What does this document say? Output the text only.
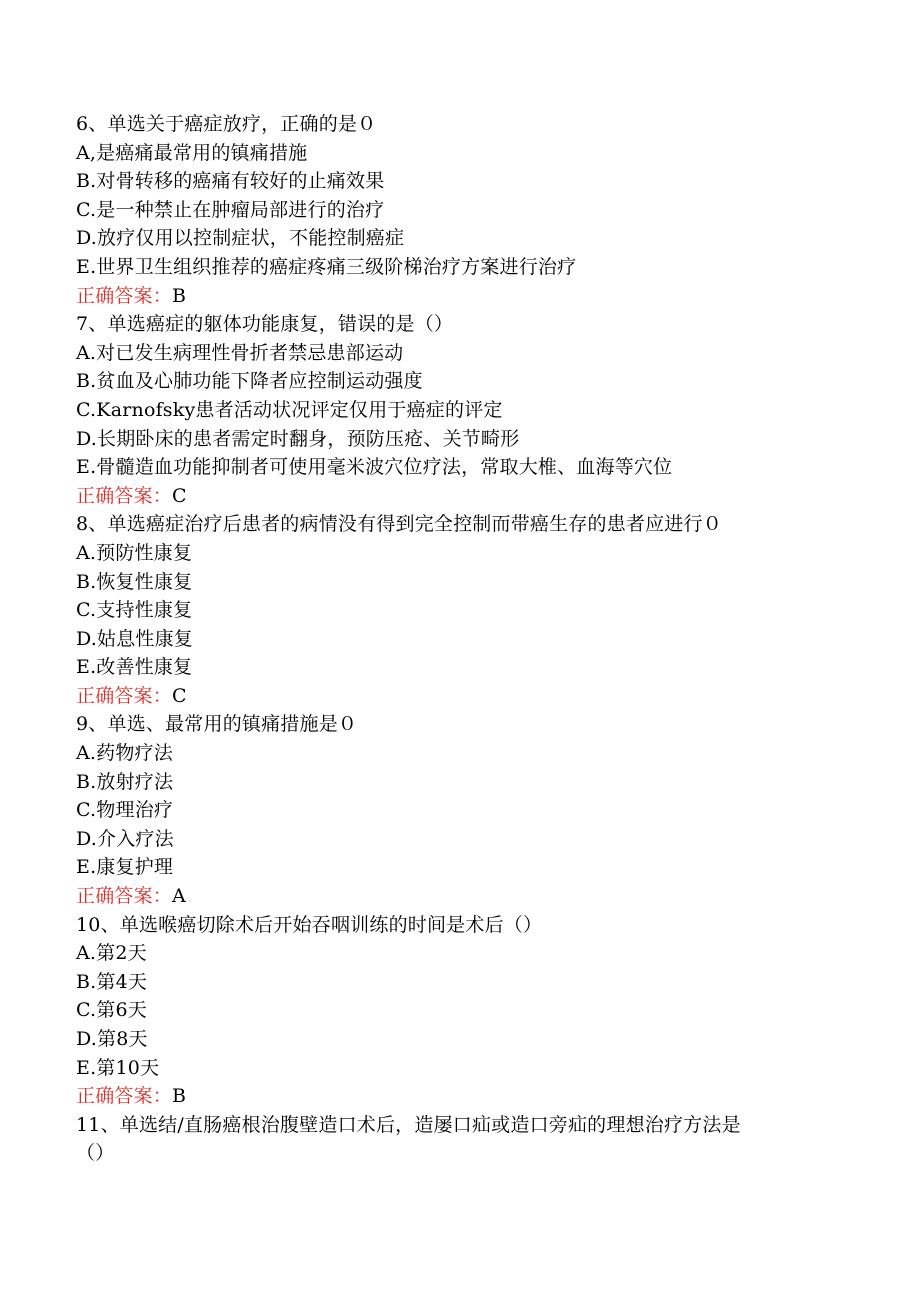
6、单选关于癌症放疗，正确的是０
A,是癌痛最常用的镇痛措施
B.对骨转移的癌痛有较好的止痛效果
C.是一种禁止在肿瘤局部进行的治疗
D.放疗仅用以控制症状，不能控制癌症
E.世界卫生组织推荐的癌症疼痛三级阶梯治疗方案进行治疗
正确答案：B
7、单选癌症的躯体功能康复，错误的是（）
A.对已发生病理性骨折者禁忌患部运动
B.贫血及心肺功能下降者应控制运动强度
C.Karnofsky患者活动状况评定仅用于癌症的评定
D.长期卧床的患者需定时翻身，预防压疮、关节畸形
E.骨髓造血功能抑制者可使用毫米波穴位疗法，常取大椎、血海等穴位
正确答案：C
8、单选癌症治疗后患者的病情没有得到完全控制而带癌生存的患者应进行０
A.预防性康复
B.恢复性康复
C.支持性康复
D.姑息性康复
E.改善性康复
正确答案：C
9、单选、最常用的镇痛措施是０
A.药物疗法
B.放射疗法
C.物理治疗
D.介入疗法
E.康复护理
正确答案：A
10、单选喉癌切除术后开始吞咽训练的时间是术后（）
A.第2天
B.第4天
C.第6天
D.第8天
E.第10天
正确答案：B
11、单选结/直肠癌根治腹壁造口术后，造屡口疝或造口旁疝的理想治疗方法是
（）
